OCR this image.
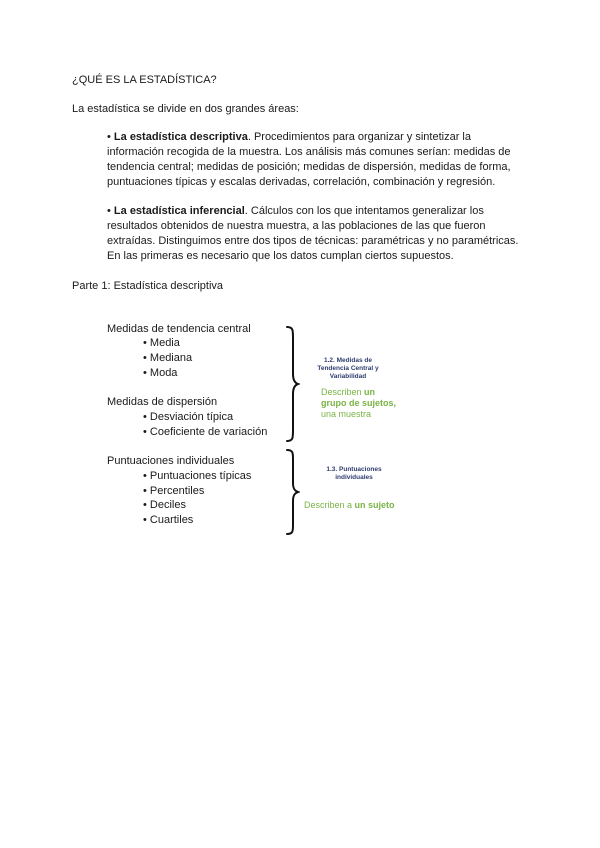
¿QUÉ ES LA ESTADÍSTICA?
La estadística se divide en dos grandes áreas:
• La estadística descriptiva. Procedimientos para organizar y sintetizar la
información recogida de la muestra. Los análisis más comunes serían: medidas de
tendencia central; medidas de posición; medidas de dispersión, medidas de forma,
puntuaciones típicas y escalas derivadas, correlación, combinación y regresión.
• La estadística inferencial. Cálculos con los que intentamos generalizar los
resultados obtenidos de nuestra muestra, a las poblaciones de las que fueron
extraídas. Distinguimos entre dos tipos de técnicas: paramétricas y no paramétricas.
En las primeras es necesario que los datos cumplan ciertos supuestos.
Parte 1: Estadística descriptiva
Medidas de tendencia central
• Media
• Mediana
• Moda
Medidas de dispersión
• Desviación típica
• Coeficiente de variación
Puntuaciones individuales
• Puntuaciones típicas
• Percentiles
• Deciles
• Cuartiles
1.2. Medidas de
Tendencia Central y
Variabilidad
Describen un
grupo de sujetos,
una muestra
1.3. Puntuaciones
individuales
Describen a un sujeto
